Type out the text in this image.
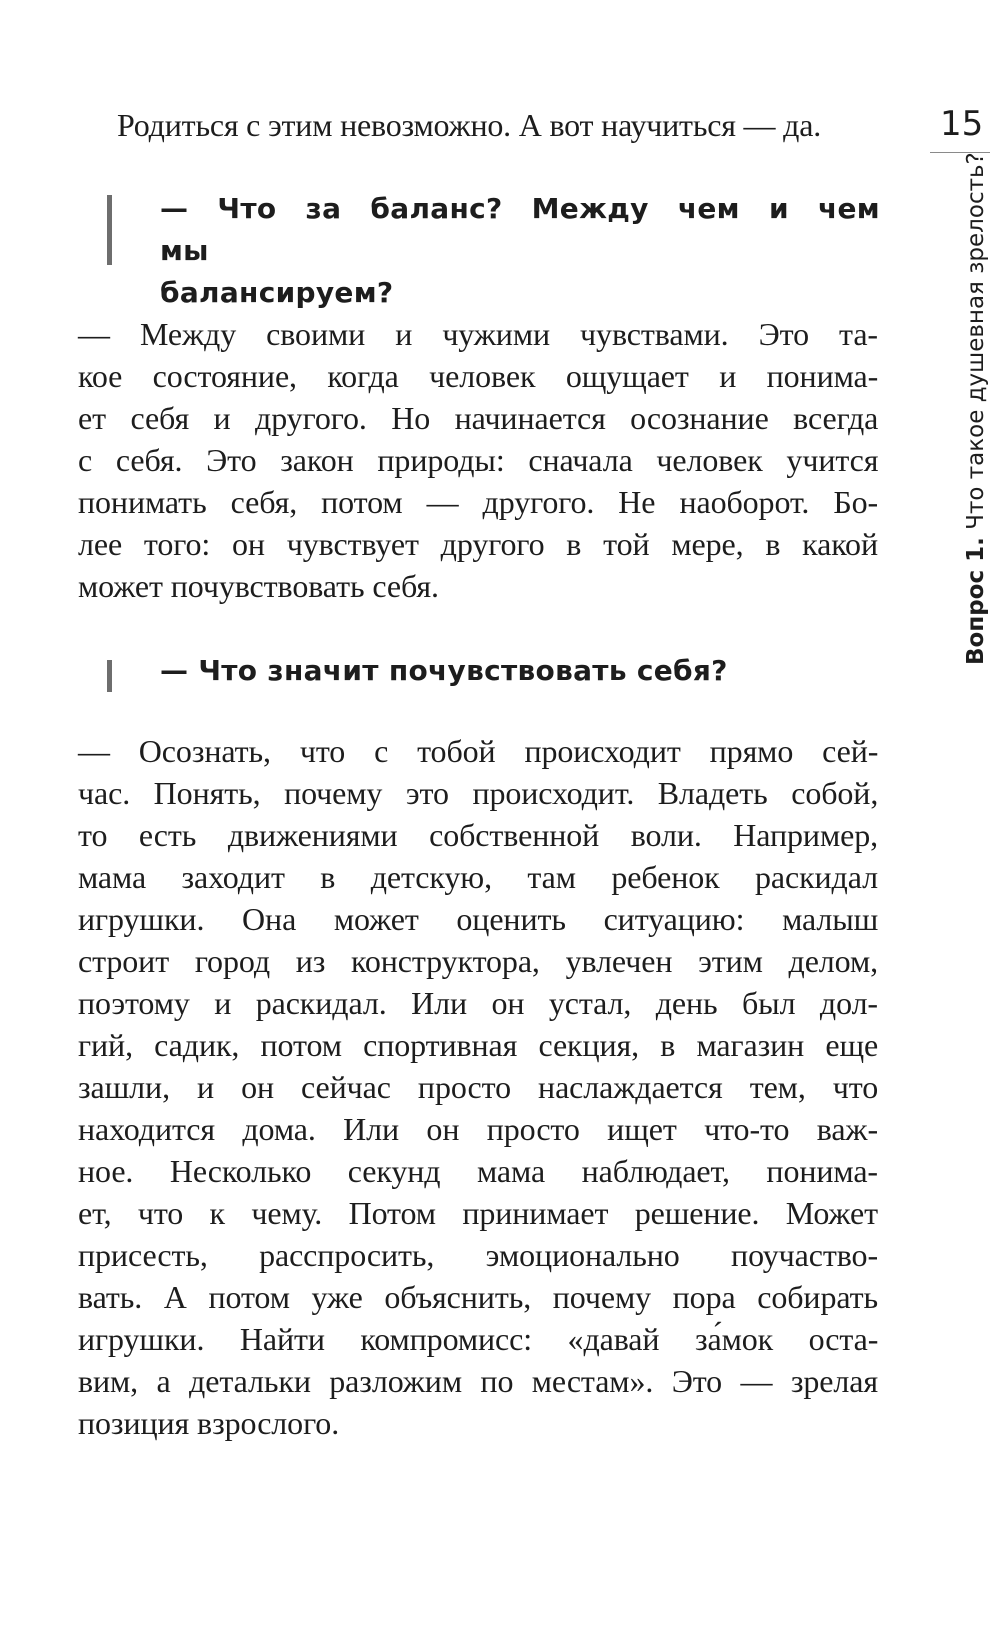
Родиться с этим невозможно. А вот научиться — да.	15
Вопрос 1. Что такое душевная зрелость?
— Что за баланс? Между чем и чем мы
балансируем?
— Между своими и чужими чувствами. Это та-
кое состояние, когда человек ощущает и понима-
ет себя и другого. Но начинается осознание всегда
с себя. Это закон природы: сначала человек учится
понимать себя, потом — другого. Не наоборот. Бо-
лее того: он чувствует другого в той мере, в какой
может почувствовать себя.
— Что значит почувствовать себя?
— Осознать, что с тобой происходит прямо сей-
час. Понять, почему это происходит. Владеть собой,
то есть движениями собственной воли. Например,
мама заходит в детскую, там ребенок раскидал
игрушки. Она может оценить ситуацию: малыш
строит город из конструктора, увлечен этим делом,
поэтому и раскидал. Или он устал, день был дол-
гий, садик, потом спортивная секция, в магазин еще
зашли, и он сейчас просто наслаждается тем, что
находится дома. Или он просто ищет что-то важ-
ное. Несколько секунд мама наблюдает, понима-
ет, что к чему. Потом принимает решение. Может
присесть, расспросить, эмоционально поучаство-
вать. А потом уже объяснить, почему пора собирать
игрушки. Найти компромисс: «давай за́мок оста-
вим, а детальки разложим по местам». Это — зрелая
позиция взрослого.
